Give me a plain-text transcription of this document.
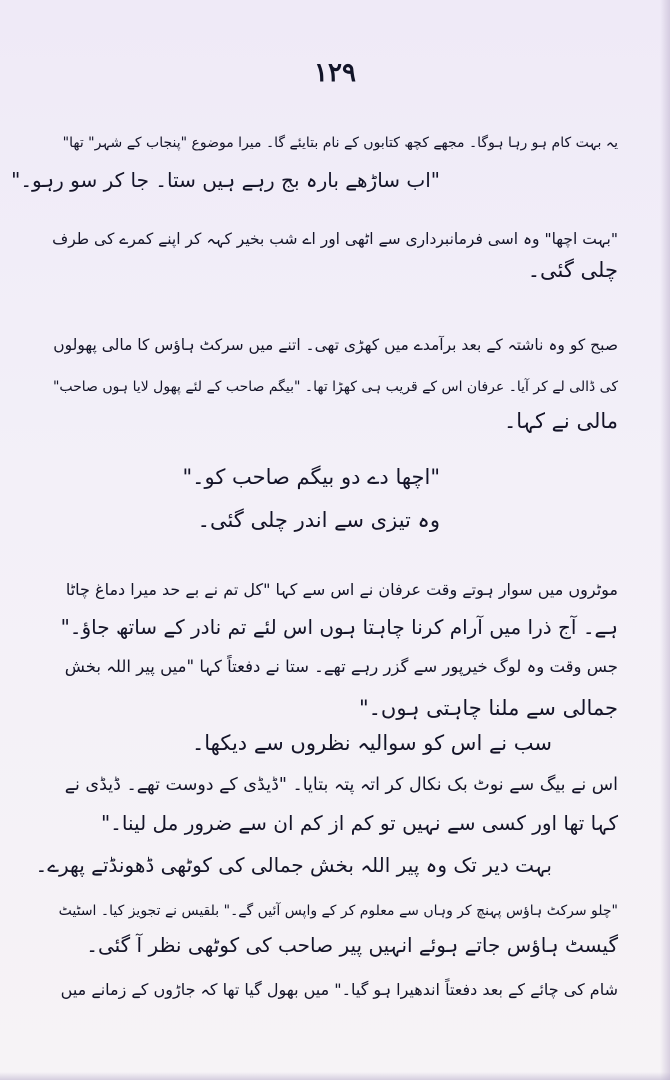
۱۲۹
یہ بہت کام ہو رہا ہوگا۔ مجھے کچھ کتابوں کے نام بتایئے گا۔ میرا موضوع "پنجاب کے شہر" تھا"
"اب ساڑھے بارہ بج رہے ہیں ستا۔ جا کر سو رہو۔"
"بہت اچھا" وہ اسی فرمانبرداری سے اٹھی اور اے شب بخیر کہہ کر اپنے کمرے کی طرف
چلی گئی۔
صبح کو وہ ناشتہ کے بعد برآمدے میں کھڑی تھی۔ اتنے میں سرکٹ ہاؤس کا مالی پھولوں
کی ڈالی لے کر آیا۔ عرفان اس کے قریب ہی کھڑا تھا۔ "بیگم صاحب کے لئے پھول لایا ہوں صاحب"
مالی نے کہا۔
"اچھا دے دو بیگم صاحب کو۔"
وہ تیزی سے اندر چلی گئی۔
موٹروں میں سوار ہوتے وقت عرفان نے اس سے کہا "کل تم نے بے حد میرا دماغ چاٹا
ہے۔ آج ذرا میں آرام کرنا چاہتا ہوں اس لئے تم نادر کے ساتھ جاؤ۔"
جس وقت وہ لوگ خیرپور سے گزر رہے تھے۔ ستا نے دفعتاً کہا "میں پیر اللہ بخش
جمالی سے ملنا چاہتی ہوں۔"
سب نے اس کو سوالیہ نظروں سے دیکھا۔
اس نے بیگ سے نوٹ بک نکال کر اتہ پتہ بتایا۔ "ڈیڈی کے دوست تھے۔ ڈیڈی نے
کہا تھا اور کسی سے نہیں تو کم از کم ان سے ضرور مل لینا۔"
بہت دیر تک وہ پیر اللہ بخش جمالی کی کوٹھی ڈھونڈتے پھرے۔
"چلو سرکٹ ہاؤس پہنچ کر وہاں سے معلوم کر کے واپس آئیں گے۔" بلقیس نے تجویز کیا۔ اسٹیٹ
گیسٹ ہاؤس جاتے ہوئے انہیں پیر صاحب کی کوٹھی نظر آ گئی۔
شام کی چائے کے بعد دفعتاً اندھیرا ہو گیا۔" میں بھول گیا تھا کہ جاڑوں کے زمانے میں
